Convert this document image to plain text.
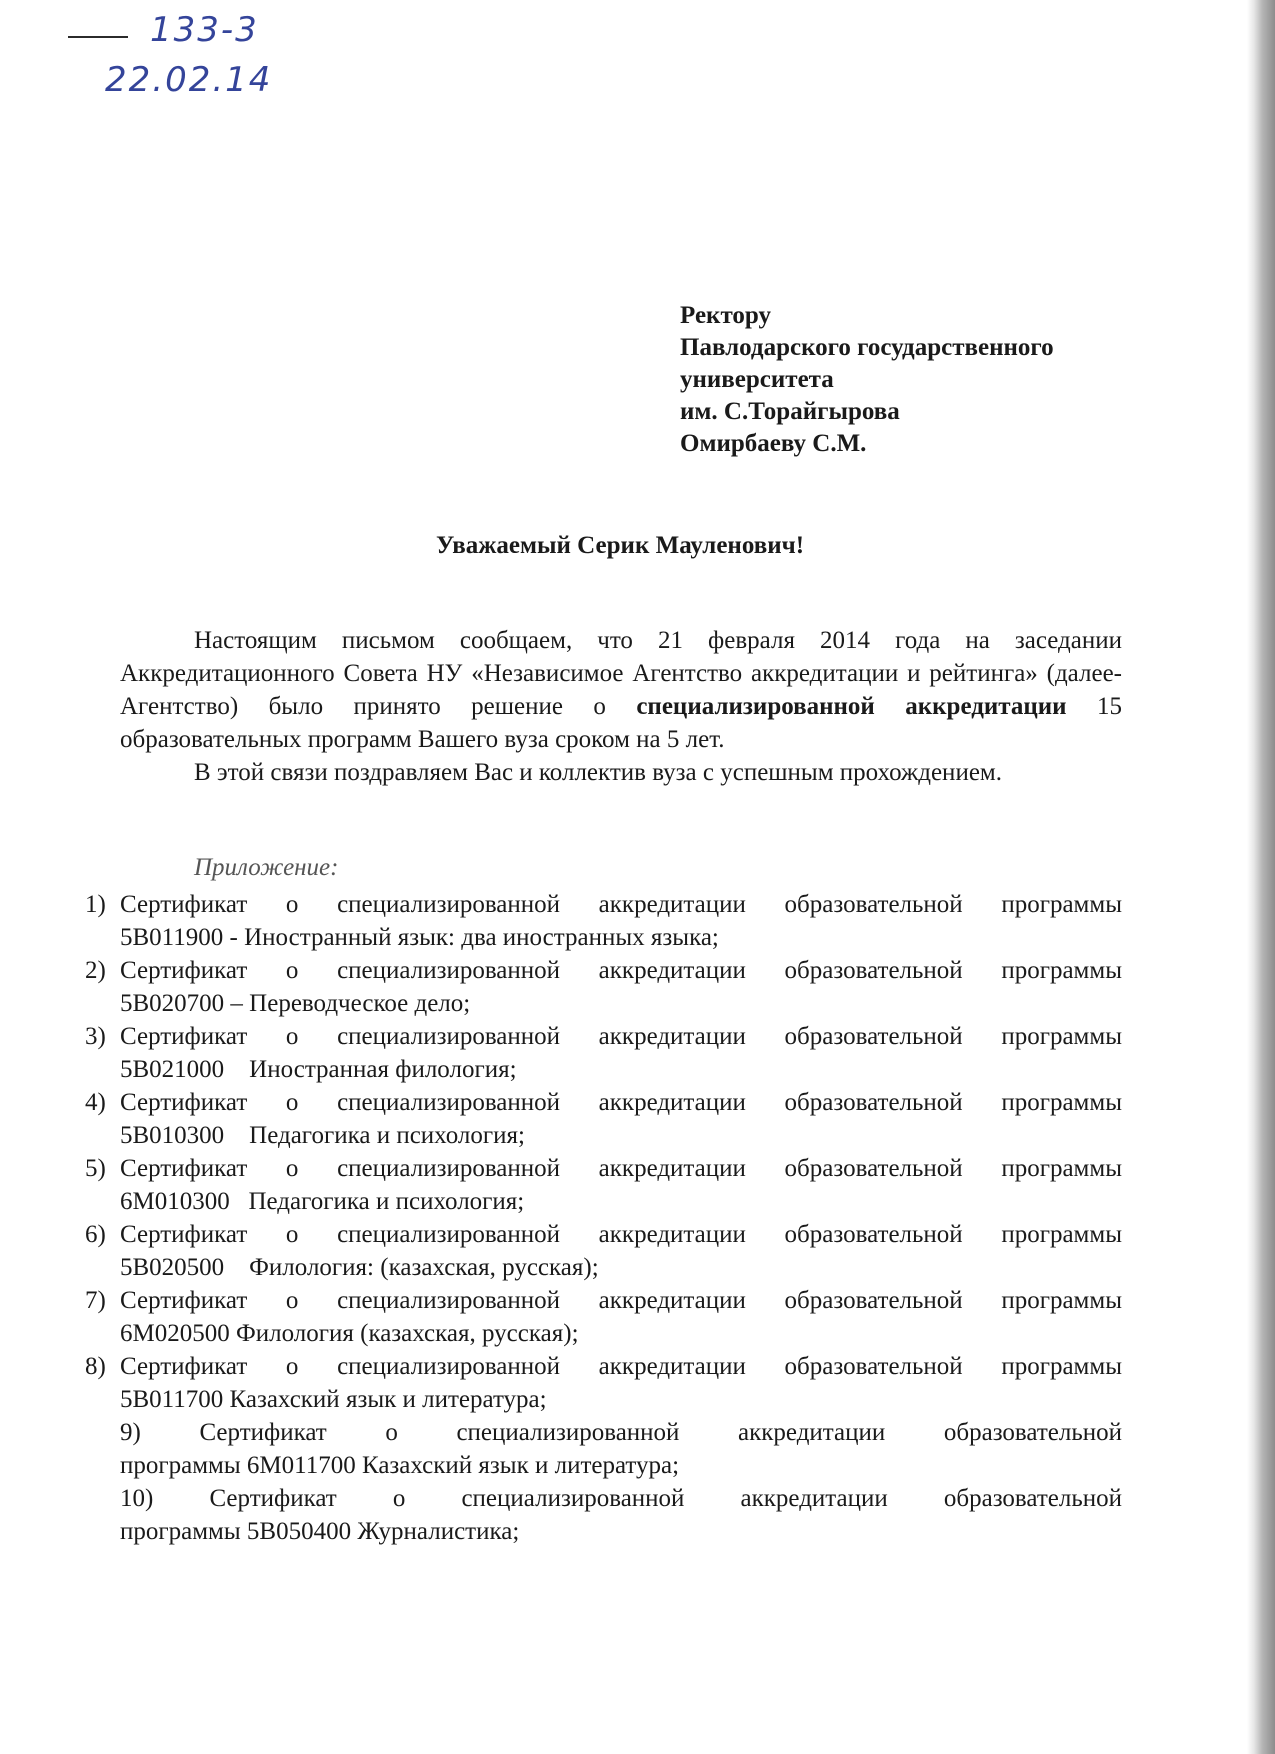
133-3
22.02.14
Ректору
Павлодарского государственного
университета
им. С.Торайгырова
Омирбаеву С.М.
Уважаемый Серик Мауленович!

Настоящим письмом сообщаем, что 21 февраля 2014 года на заседании Аккредитационного Совета НУ «Независимое Агентство аккредитации и рейтинга» (далее-Агентство) было принято решение о специализированной аккредитации 15 образовательных программ Вашего вуза сроком на 5 лет.

В этой связи поздравляем Вас и коллектив вуза с успешным прохождением.

Приложение:
1) Сертификат о специализированной аккредитации образовательной программы
5В011900 - Иностранный язык: два иностранных языка;
2) Сертификат о специализированной аккредитации образовательной программы
5В020700 – Переводческое дело;
3) Сертификат о специализированной аккредитации образовательной программы
5В021000    Иностранная филология;
4) Сертификат о специализированной аккредитации образовательной программы
5В010300    Педагогика и психология;
5) Сертификат о специализированной аккредитации образовательной программы
6М010300   Педагогика и психология;
6) Сертификат о специализированной аккредитации образовательной программы
5В020500    Филология: (казахская, русская);
7) Сертификат о специализированной аккредитации образовательной программы
6М020500 Филология (казахская, русская);
8) Сертификат о специализированной аккредитации образовательной программы
5В011700 Казахский язык и литература;
9) Сертификат о специализированной аккредитации образовательной
программы 6М011700 Казахский язык и литература;
10) Сертификат о специализированной аккредитации образовательной
программы 5В050400 Журналистика;
